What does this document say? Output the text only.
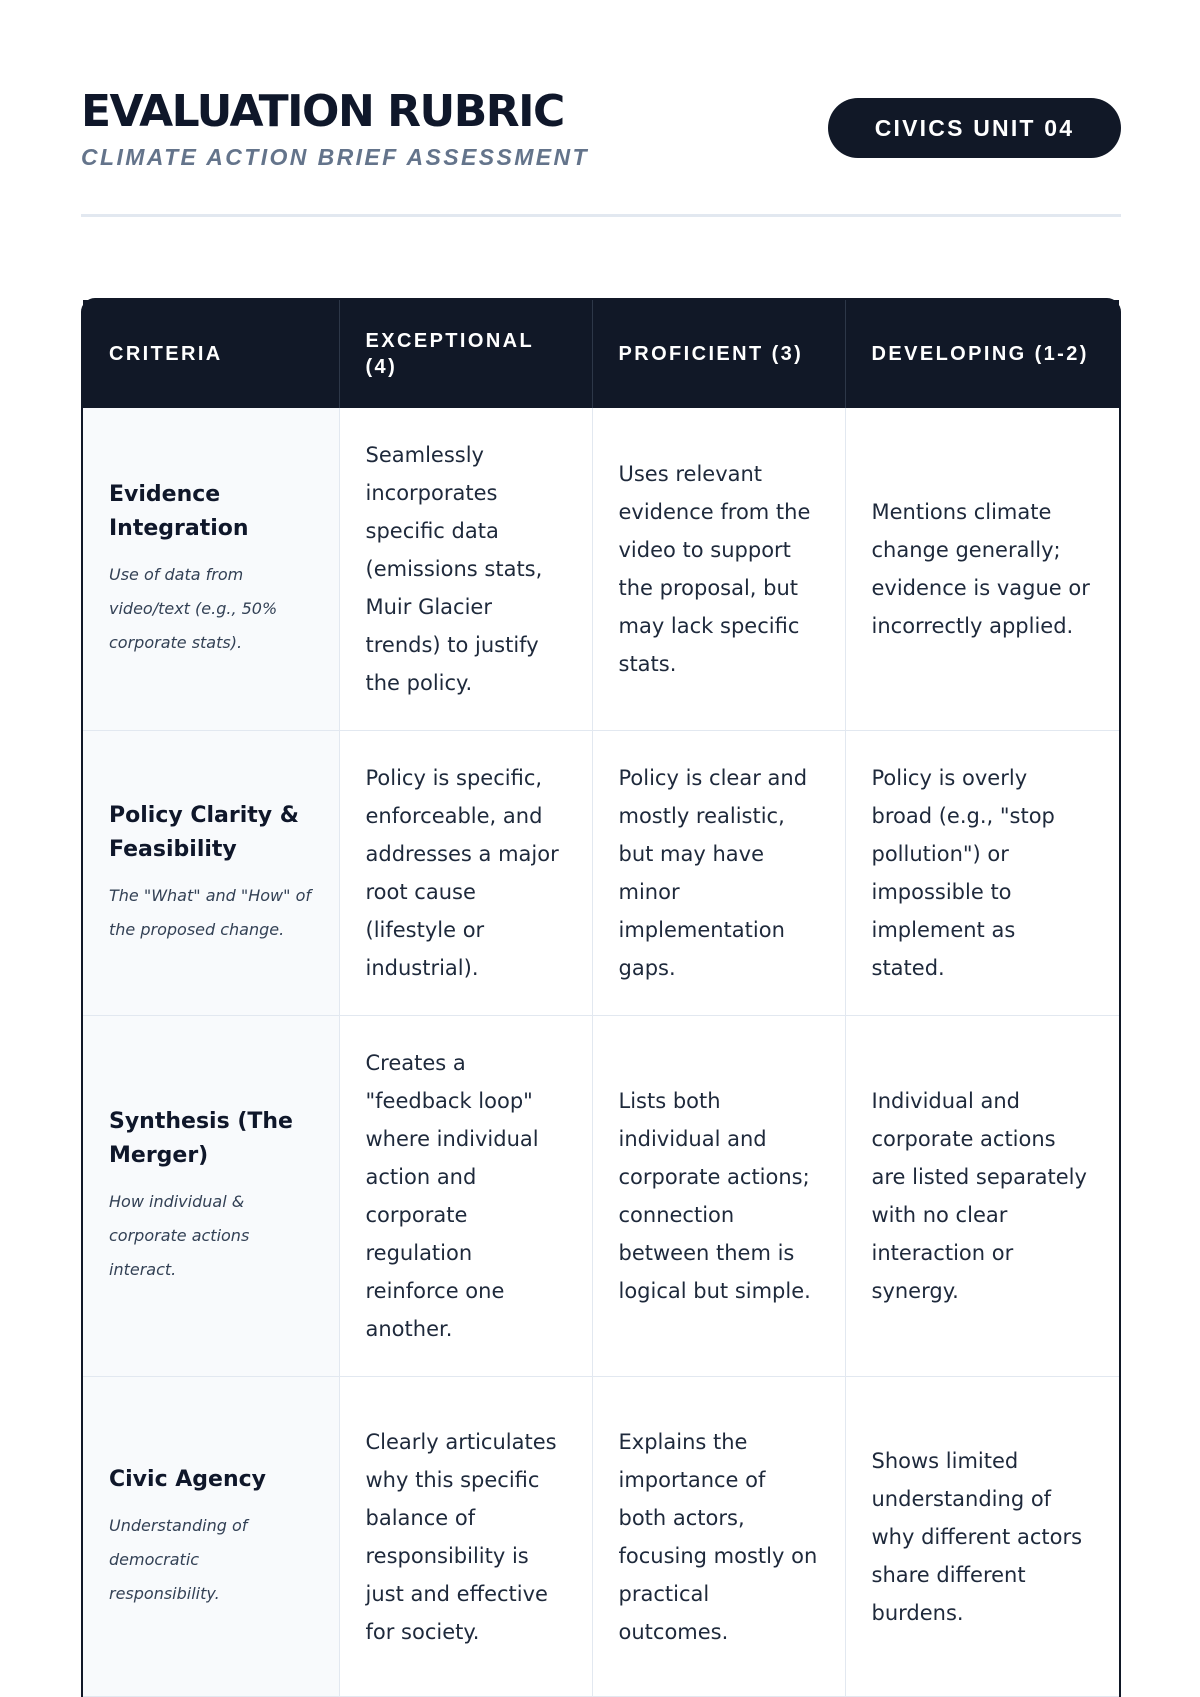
EVALUATION RUBRIC
CLIMATE ACTION BRIEF ASSESSMENT
CIVICS UNIT 04
CRITERIA	EXCEPTIONAL (4)	PROFICIENT (3)	DEVELOPING (1-2)

Evidence Integration
Use of data from video/text (e.g., 50% corporate stats).	Seamlessly incorporates specific data (emissions stats, Muir Glacier trends) to justify the policy.	Uses relevant evidence from the video to support the proposal, but may lack specific stats.	Mentions climate change generally; evidence is vague or incorrectly applied.

Policy Clarity & Feasibility
The "What" and "How" of the proposed change.	Policy is specific, enforceable, and addresses a major root cause (lifestyle or industrial).	Policy is clear and mostly realistic, but may have minor implementation gaps.	Policy is overly broad (e.g., "stop pollution") or impossible to implement as stated.

Synthesis (The Merger)
How individual & corporate actions interact.	Creates a "feedback loop" where individual action and corporate regulation reinforce one another.	Lists both individual and corporate actions; connection between them is logical but simple.	Individual and corporate actions are listed separately with no clear interaction or synergy.

Civic Agency
Understanding of democratic responsibility.	Clearly articulates why this specific balance of responsibility is just and effective for society.	Explains the importance of both actors, focusing mostly on practical outcomes.	Shows limited understanding of why different actors share different burdens.
